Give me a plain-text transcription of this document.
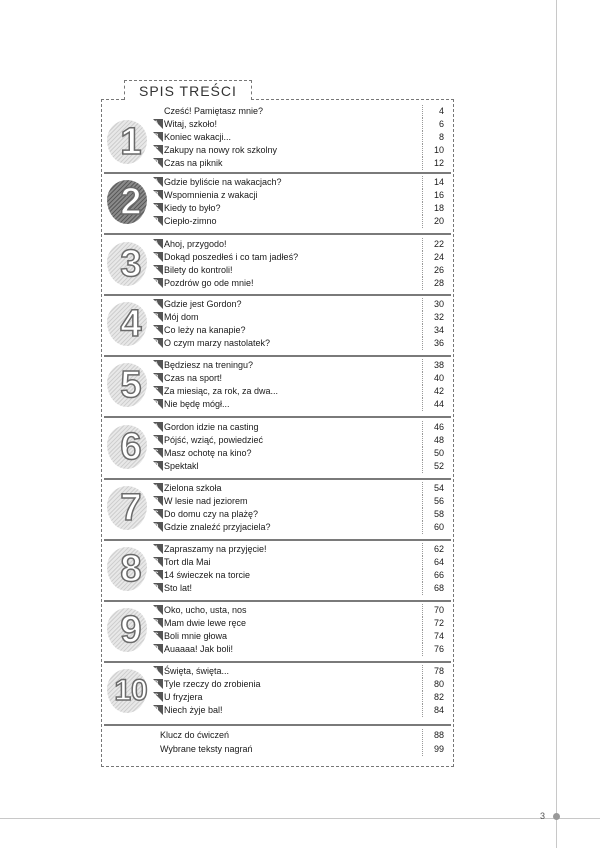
3
SPIS TREŚCI
1
Cześć! Pamiętasz mnie?	4
A Witaj, szkoło!	6
B Koniec wakacji...	8
C Zakupy na nowy rok szkolny	10
D Czas na piknik	12
2	A Gdzie byliście na wakacjach?	14
B Wspomnienia z wakacji	16
C Kiedy to było?	18
D Ciepło-zimno	20
3	A Ahoj, przygodo!	22
B Dokąd poszedłeś i co tam jadłeś?	24
C Bilety do kontroli!	26
D Pozdrów go ode mnie!	28
4	A Gdzie jest Gordon?	30
B Mój dom	32
C Co leży na kanapie?	34
D O czym marzy nastolatek?	36
5	A Będziesz na treningu?	38
B Czas na sport!	40
C Za miesiąc, za rok, za dwa...	42
D Nie będę mógł...	44
6	A Gordon idzie na casting	46
B Pójść, wziąć, powiedzieć	48
C Masz ochotę na kino?	50
D Spektakl	52
7	A Zielona szkoła	54
B W lesie nad jeziorem	56
C Do domu czy na plażę?	58
D Gdzie znaleźć przyjaciela?	60
8	A Zapraszamy na przyjęcie!	62
B Tort dla Mai	64
C 14 świeczek na torcie	66
D Sto lat!	68
9	A Oko, ucho, usta, nos	70
B Mam dwie lewe ręce	72
C Boli mnie głowa	74
D Auaaaa! Jak boli!	76
10
A Święta, święta...	78
B Tyle rzeczy do zrobienia	80
C U fryzjera	82
D Niech żyje bal!	84
Klucz do ćwiczeń	88
Wybrane teksty nagrań	99
